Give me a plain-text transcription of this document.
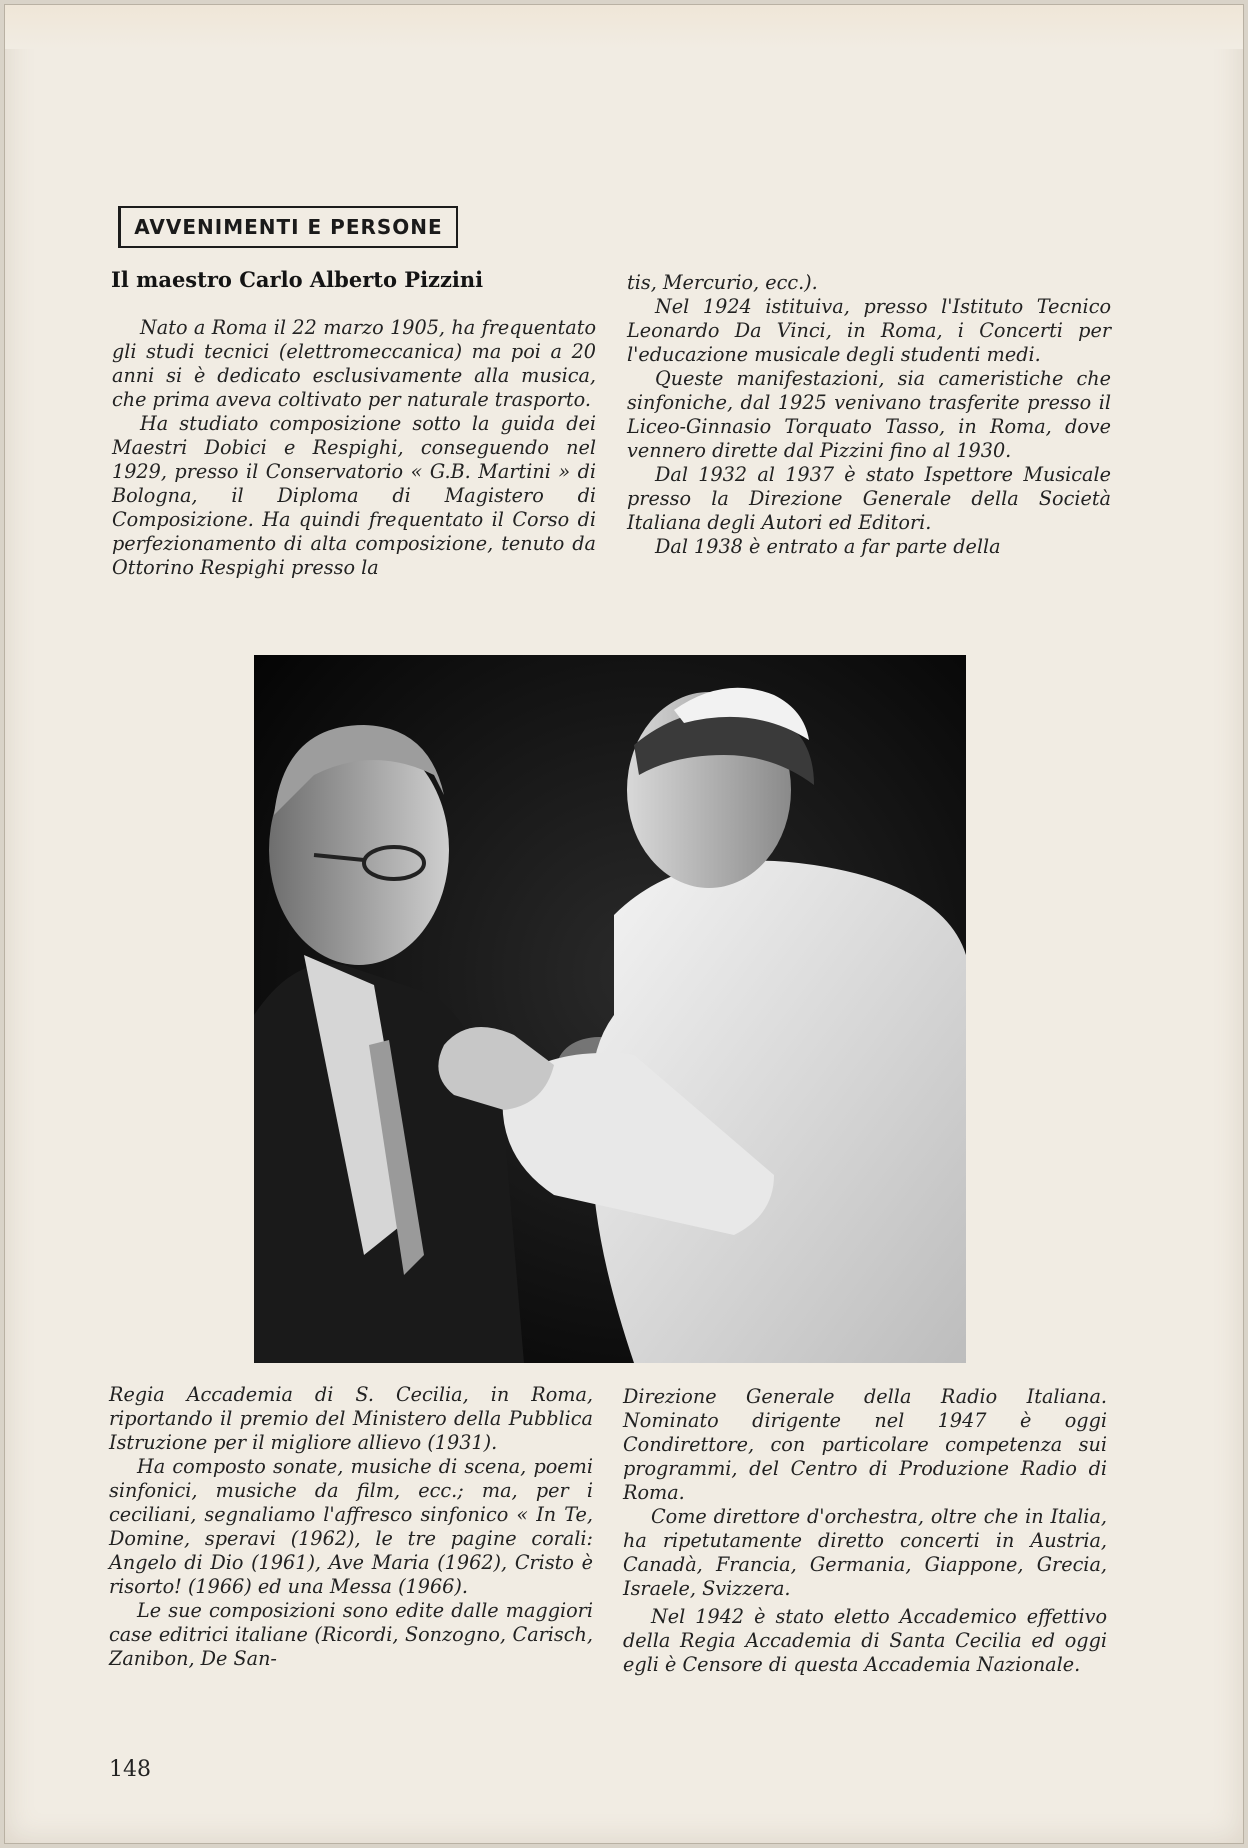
AVVENIMENTI E PERSONE
Il maestro Carlo Alberto Pizzini

Nato a Roma il 22 marzo 1905, ha frequentato gli studi tecnici (elettromeccanica) ma poi a 20 anni si è dedicato esclusivamente alla musica, che prima aveva coltivato per naturale trasporto.

Ha studiato composizione sotto la guida dei Maestri Dobici e Respighi, conseguendo nel 1929, presso il Conservatorio « G.B. Martini » di Bologna, il Diploma di Magistero di Composizione. Ha quindi frequentato il Corso di perfezionamento di alta composizione, tenuto da Ottorino Respighi presso la

tis, Mercurio, ecc.).

Nel 1924 istituiva, presso l'Istituto Tecnico Leonardo Da Vinci, in Roma, i Concerti per l'educazione musicale degli studenti medi.

Queste manifestazioni, sia cameristiche che sinfoniche, dal 1925 venivano trasferite presso il Liceo-Ginnasio Torquato Tasso, in Roma, dove vennero dirette dal Pizzini fino al 1930.

Dal 1932 al 1937 è stato Ispettore Musicale presso la Direzione Generale della Società Italiana degli Autori ed Editori.

Dal 1938 è entrato a far parte della

Regia Accademia di S. Cecilia, in Roma, riportando il premio del Ministero della Pubblica Istruzione per il migliore allievo (1931).

Ha composto sonate, musiche di scena, poemi sinfonici, musiche da film, ecc.; ma, per i ceciliani, segnaliamo l'affresco sinfonico « In Te, Domine, speravi (1962), le tre pagine corali: Angelo di Dio (1961), Ave Maria (1962), Cristo è risorto! (1966) ed una Messa (1966).

Le sue composizioni sono edite dalle maggiori case editrici italiane (Ricordi, Sonzogno, Carisch, Zanibon, De San-

Direzione Generale della Radio Italiana. Nominato dirigente nel 1947 è oggi Condirettore, con particolare competenza sui programmi, del Centro di Produzione Radio di Roma.

Come direttore d'orchestra, oltre che in Italia, ha ripetutamente diretto concerti in Austria, Canadà, Francia, Germania, Giappone, Grecia, Israele, Svizzera.

Nel 1942 è stato eletto Accademico effettivo della Regia Accademia di Santa Cecilia ed oggi egli è Censore di questa Accademia Nazionale.

148
